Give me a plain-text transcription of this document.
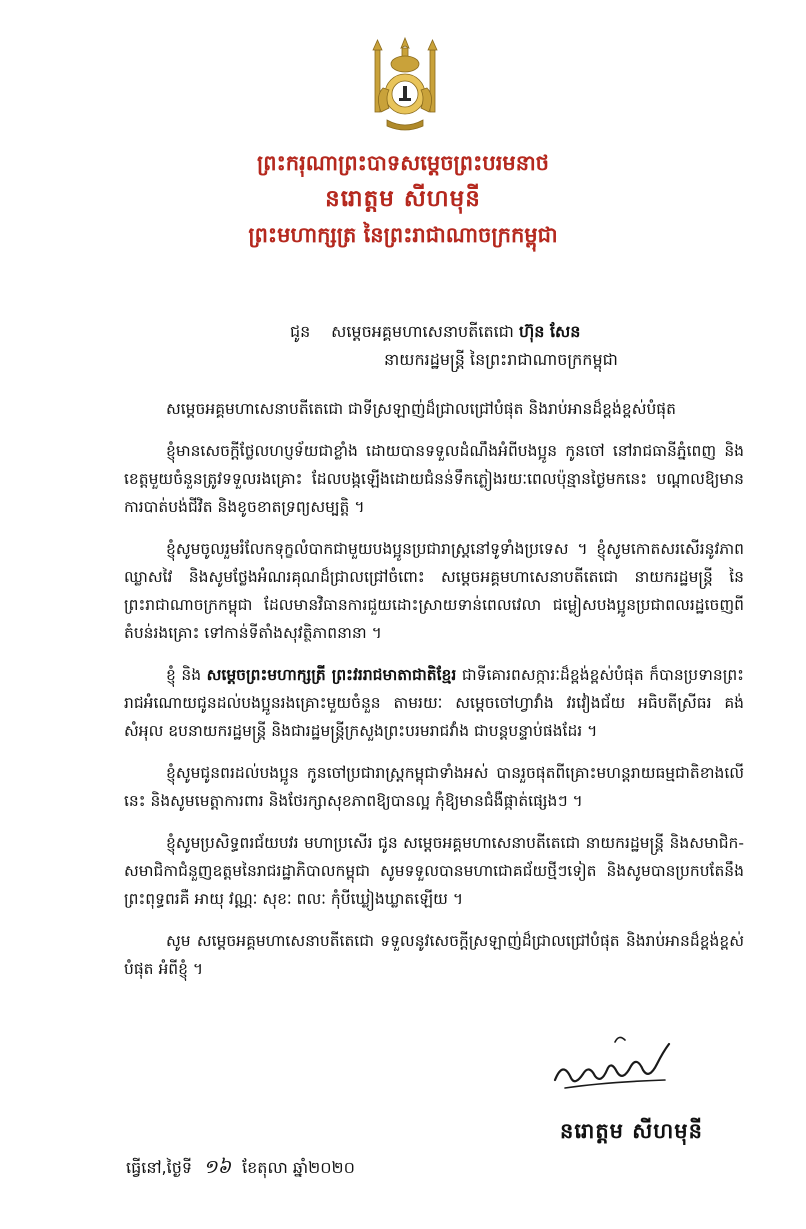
ព្រះករុណាព្រះបាទសម្តេចព្រះបរមនាថ
នរោត្តម សីហមុនី
ព្រះមហាក្សត្រ នៃព្រះរាជាណាចក្រកម្ពុជា
ជូន សម្តេចអគ្គមហាសេនាបតីតេជោ ហ៊ុន សែន
នាយករដ្ឋមន្ត្រី នៃព្រះរាជាណាចក្រកម្ពុជា

សម្តេចអគ្គមហាសេនាបតីតេជោ ជាទីស្រឡាញ់ដ៏ជ្រាលជ្រៅបំផុត និងរាប់អានដ៏ខ្ពង់ខ្ពស់បំផុត

ខ្ញុំមានសេចក្តីថ្លែលហប្ញទ័យជាខ្លាំង ដោយបានទទួលដំណឹងអំពីបងប្អូន កូនចៅ នៅរាជធានីភ្នំពេញ និងខេត្តមួយចំនួនត្រូវទទួលរងគ្រោះ ដែលបង្កឡើងដោយជំនន់ទឹកភ្លៀងរយៈពេលប៉ុន្មានថ្ងៃមកនេះ បណ្តាលឱ្យមានការបាត់បង់ជីវិត និងខូចខាតទ្រព្យសម្បត្តិ ។

ខ្ញុំសូមចូលរួមរំលែកទុក្ខលំបាកជាមួយបងប្អូនប្រជារាស្ត្រនៅទូទាំងប្រទេស ។ ខ្ញុំសូមកោតសរសើរនូវភាពឈ្លាសវៃ និងសូមថ្លែងអំណរគុណដ៏ជ្រាលជ្រៅចំពោះ សម្តេចអគ្គមហាសេនាបតីតេជោ នាយករដ្ឋមន្ត្រី នៃព្រះរាជាណាចក្រកម្ពុជា ដែលមានវិធានការជួយដោះស្រាយទាន់ពេលវេលា ជម្លៀសបងប្អូនប្រជាពលរដ្ឋចេញពីតំបន់រងគ្រោះ ទៅកាន់ទីតាំងសុវត្ថិភាពនានា ។

ខ្ញុំ និង សម្តេចព្រះមហាក្សត្រី ព្រះវររាជមាតាជាតិខ្មែរ ជាទីគោរពសក្ការៈដ៏ខ្ពង់ខ្ពស់បំផុត ក៏បានប្រទានព្រះរាជអំណោយជូនដល់បងប្អូនរងគ្រោះមួយចំនួន តាមរយៈ សម្តេចចៅហ្វាវាំង វរវៀងជ័យ អធិបតីស្រីធរ គង់ សំអុល ឧបនាយករដ្ឋមន្ត្រី និងជារដ្ឋមន្ត្រីក្រសួងព្រះបរមរាជវាំង ជាបន្តបន្ទាប់ផងដែរ ។

ខ្ញុំសូមជូនពរដល់បងប្អូន កូនចៅប្រជារាស្ត្រកម្ពុជាទាំងអស់ បានរួចផុតពីគ្រោះមហន្តរាយធម្មជាតិខាងលើនេះ និងសូមមេត្តាការពារ និងថែរក្សាសុខភាពឱ្យបានល្អ កុំឱ្យមានជំងឺផ្កាត់ផ្សេងៗ ។

ខ្ញុំសូមប្រសិទ្ធពរជ័យបវរ មហាប្រសើរ ជូន សម្តេចអគ្គមហាសេនាបតីតេជោ នាយករដ្ឋមន្ត្រី និងសមាជិក-សមាជិកាជំនួញឧត្តមនៃរាជរដ្ឋាភិបាលកម្ពុជា សូមទទួលបានមហាជោគជ័យថ្មីៗទៀត និងសូមបានប្រកបតែនឹងព្រះពុទ្ធពរគឺ អាយុ វណ្ណៈ សុខៈ ពលៈ កុំបីឃ្លៀងឃ្លាតឡើយ ។

សូម សម្តេចអគ្គមហាសេនាបតីតេជោ ទទួលនូវសេចក្តីស្រឡាញ់ដ៏ជ្រាលជ្រៅបំផុត និងរាប់អានដ៏ខ្ពង់ខ្ពស់បំផុត អំពីខ្ញុំ ។

នរោត្តម សីហមុនី
ធ្វើនៅ,ថ្ងៃទី ១៦ ខែតុលា ឆ្នាំ២០២០
